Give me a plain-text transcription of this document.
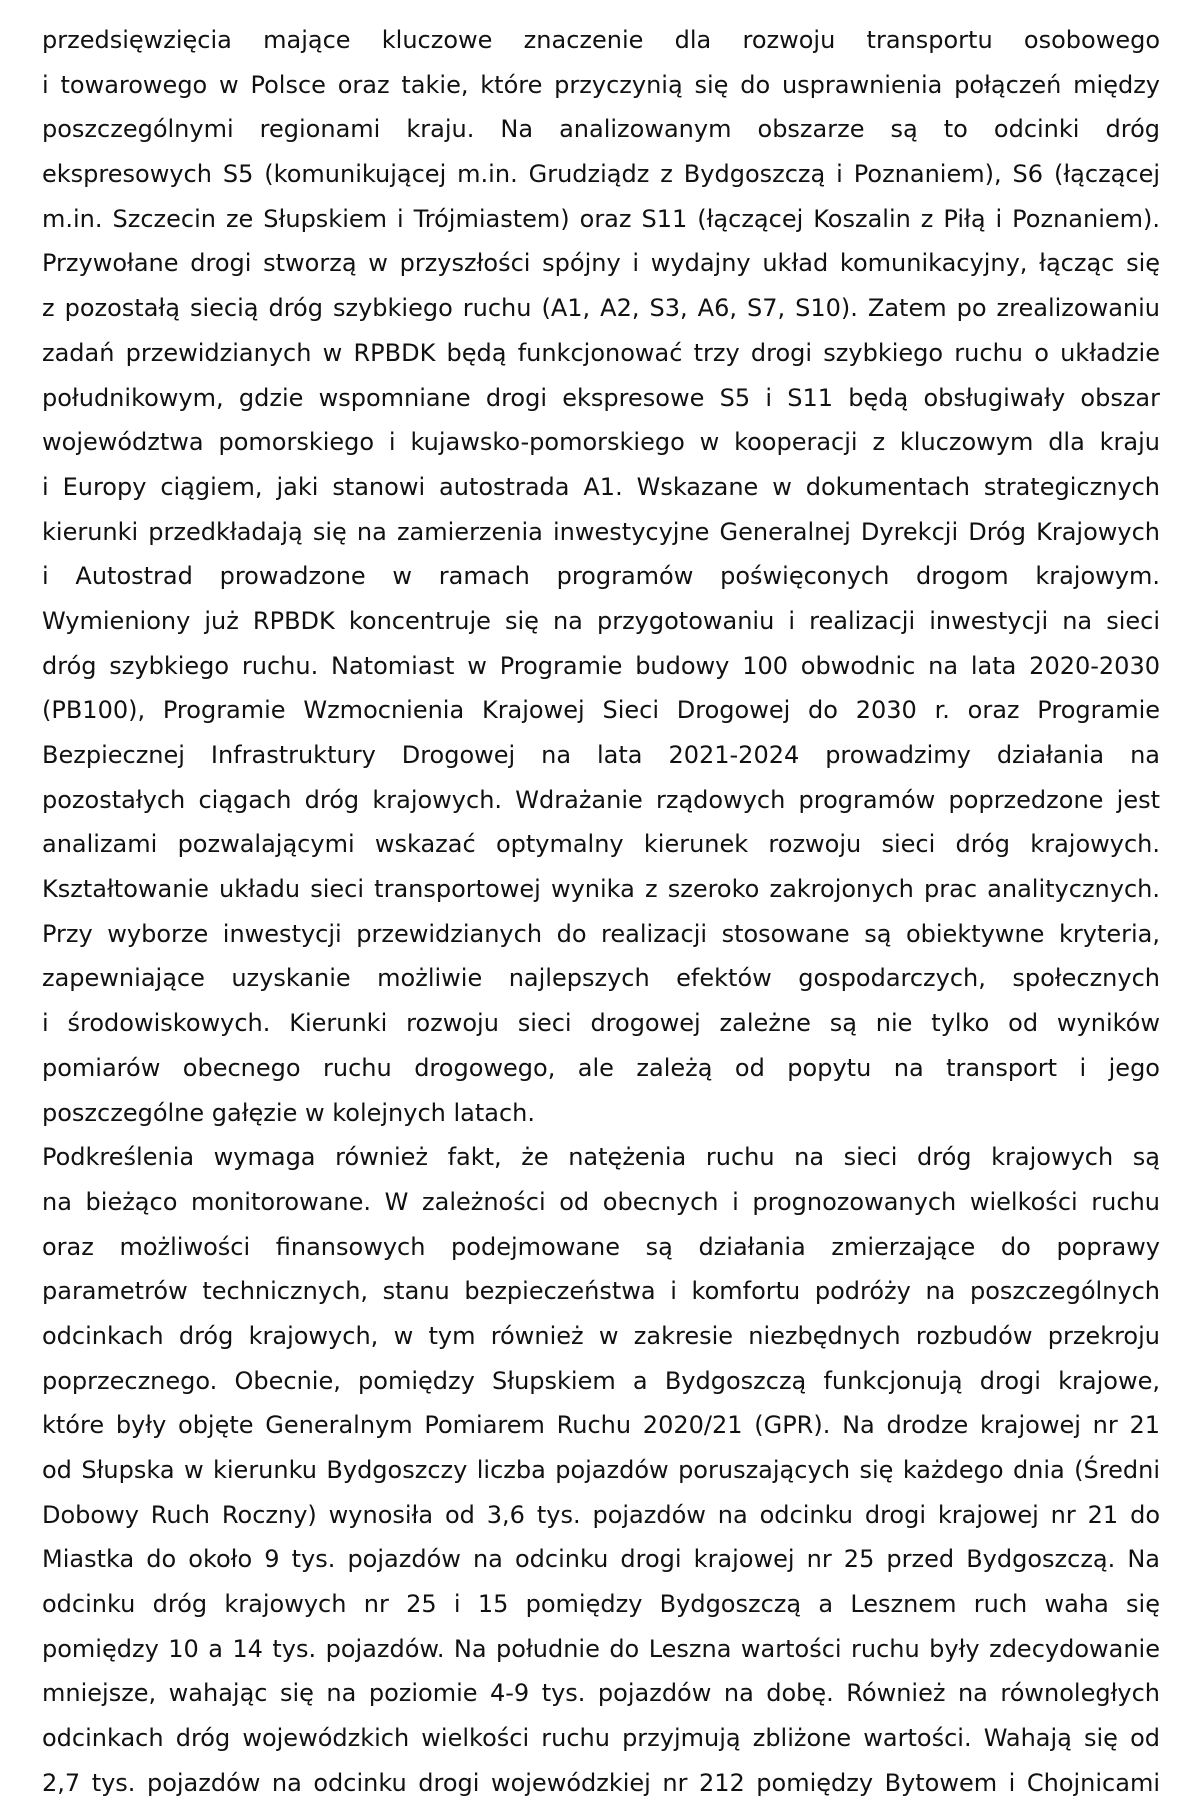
przedsięwzięcia mające kluczowe znaczenie dla rozwoju transportu osobowego
i towarowego w Polsce oraz takie, które przyczynią się do usprawnienia połączeń między
poszczególnymi regionami kraju. Na analizowanym obszarze są to odcinki dróg
ekspresowych S5 (komunikującej m.in. Grudziądz z Bydgoszczą i Poznaniem), S6 (łączącej
m.in. Szczecin ze Słupskiem i Trójmiastem) oraz S11 (łączącej Koszalin z Piłą i Poznaniem).
Przywołane drogi stworzą w przyszłości spójny i wydajny układ komunikacyjny, łącząc się
z pozostałą siecią dróg szybkiego ruchu (A1, A2, S3, A6, S7, S10). Zatem po zrealizowaniu
zadań przewidzianych w RPBDK będą funkcjonować trzy drogi szybkiego ruchu o układzie
południkowym, gdzie wspomniane drogi ekspresowe S5 i S11 będą obsługiwały obszar
województwa pomorskiego i kujawsko-pomorskiego w kooperacji z kluczowym dla kraju
i Europy ciągiem, jaki stanowi autostrada A1. Wskazane w dokumentach strategicznych
kierunki przedkładają się na zamierzenia inwestycyjne Generalnej Dyrekcji Dróg Krajowych
i Autostrad prowadzone w ramach programów poświęconych drogom krajowym.
Wymieniony już RPBDK koncentruje się na przygotowaniu i realizacji inwestycji na sieci
dróg szybkiego ruchu. Natomiast w Programie budowy 100 obwodnic na lata 2020-2030
(PB100), Programie Wzmocnienia Krajowej Sieci Drogowej do 2030 r. oraz Programie
Bezpiecznej Infrastruktury Drogowej na lata 2021-2024 prowadzimy działania na
pozostałych ciągach dróg krajowych. Wdrażanie rządowych programów poprzedzone jest
analizami pozwalającymi wskazać optymalny kierunek rozwoju sieci dróg krajowych.
Kształtowanie układu sieci transportowej wynika z szeroko zakrojonych prac analitycznych.
Przy wyborze inwestycji przewidzianych do realizacji stosowane są obiektywne kryteria,
zapewniające uzyskanie możliwie najlepszych efektów gospodarczych, społecznych
i środowiskowych. Kierunki rozwoju sieci drogowej zależne są nie tylko od wyników
pomiarów obecnego ruchu drogowego, ale zależą od popytu na transport i jego
poszczególne gałęzie w kolejnych latach.
Podkreślenia wymaga również fakt, że natężenia ruchu na sieci dróg krajowych są
na bieżąco monitorowane. W zależności od obecnych i prognozowanych wielkości ruchu
oraz możliwości finansowych podejmowane są działania zmierzające do poprawy
parametrów technicznych, stanu bezpieczeństwa i komfortu podróży na poszczególnych
odcinkach dróg krajowych, w tym również w zakresie niezbędnych rozbudów przekroju
poprzecznego. Obecnie, pomiędzy Słupskiem a Bydgoszczą funkcjonują drogi krajowe,
które były objęte Generalnym Pomiarem Ruchu 2020/21 (GPR). Na drodze krajowej nr 21
od Słupska w kierunku Bydgoszczy liczba pojazdów poruszających się każdego dnia (Średni
Dobowy Ruch Roczny) wynosiła od 3,6 tys. pojazdów na odcinku drogi krajowej nr 21 do
Miastka do około 9 tys. pojazdów na odcinku drogi krajowej nr 25 przed Bydgoszczą. Na
odcinku dróg krajowych nr 25 i 15 pomiędzy Bydgoszczą a Lesznem ruch waha się
pomiędzy 10 a 14 tys. pojazdów. Na południe do Leszna wartości ruchu były zdecydowanie
mniejsze, wahając się na poziomie 4-9 tys. pojazdów na dobę. Również na równoległych
odcinkach dróg wojewódzkich wielkości ruchu przyjmują zbliżone wartości. Wahają się od
2,7 tys. pojazdów na odcinku drogi wojewódzkiej nr 212 pomiędzy Bytowem i Chojnicami
